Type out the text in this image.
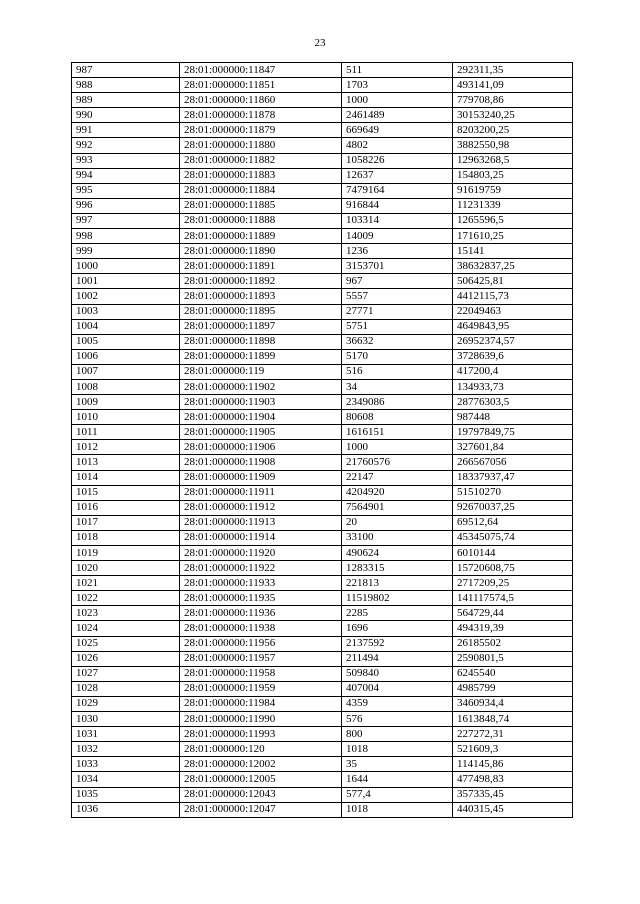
23
987	28:01:000000:11847	511	292311,35
988	28:01:000000:11851	1703	493141,09
989	28:01:000000:11860	1000	779708,86
990	28:01:000000:11878	2461489	30153240,25
991	28:01:000000:11879	669649	8203200,25
992	28:01:000000:11880	4802	3882550,98
993	28:01:000000:11882	1058226	12963268,5
994	28:01:000000:11883	12637	154803,25
995	28:01:000000:11884	7479164	91619759
996	28:01:000000:11885	916844	11231339
997	28:01:000000:11888	103314	1265596,5
998	28:01:000000:11889	14009	171610,25
999	28:01:000000:11890	1236	15141
1000	28:01:000000:11891	3153701	38632837,25
1001	28:01:000000:11892	967	506425,81
1002	28:01:000000:11893	5557	4412115,73
1003	28:01:000000:11895	27771	22049463
1004	28:01:000000:11897	5751	4649843,95
1005	28:01:000000:11898	36632	26952374,57
1006	28:01:000000:11899	5170	3728639,6
1007	28:01:000000:119	516	417200,4
1008	28:01:000000:11902	34	134933,73
1009	28:01:000000:11903	2349086	28776303,5
1010	28:01:000000:11904	80608	987448
1011	28:01:000000:11905	1616151	19797849,75
1012	28:01:000000:11906	1000	327601,84
1013	28:01:000000:11908	21760576	266567056
1014	28:01:000000:11909	22147	18337937,47
1015	28:01:000000:11911	4204920	51510270
1016	28:01:000000:11912	7564901	92670037,25
1017	28:01:000000:11913	20	69512,64
1018	28:01:000000:11914	33100	45345075,74
1019	28:01:000000:11920	490624	6010144
1020	28:01:000000:11922	1283315	15720608,75
1021	28:01:000000:11933	221813	2717209,25
1022	28:01:000000:11935	11519802	141117574,5
1023	28:01:000000:11936	2285	564729,44
1024	28:01:000000:11938	1696	494319,39
1025	28:01:000000:11956	2137592	26185502
1026	28:01:000000:11957	211494	2590801,5
1027	28:01:000000:11958	509840	6245540
1028	28:01:000000:11959	407004	4985799
1029	28:01:000000:11984	4359	3460934,4
1030	28:01:000000:11990	576	1613848,74
1031	28:01:000000:11993	800	227272,31
1032	28:01:000000:120	1018	521609,3
1033	28:01:000000:12002	35	114145,86
1034	28:01:000000:12005	1644	477498,83
1035	28:01:000000:12043	577,4	357335,45
1036	28:01:000000:12047	1018	440315,45
